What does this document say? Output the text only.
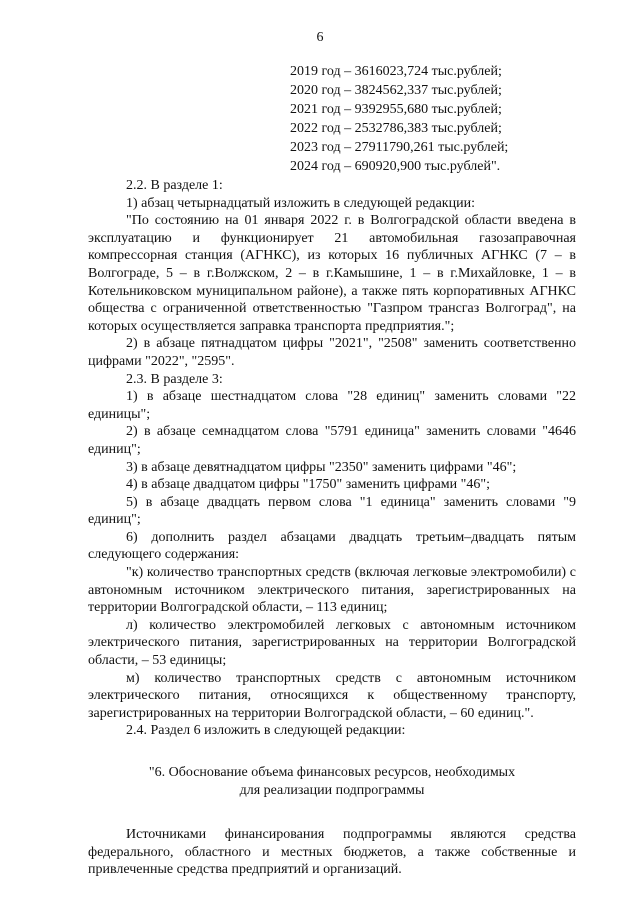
6
2019 год – 3616023,724 тыс.рублей;
2020 год – 3824562,337 тыс.рублей;
2021 год – 9392955,680 тыс.рублей;
2022 год – 2532786,383 тыс.рублей;
2023 год – 27911790,261 тыс.рублей;
2024 год – 690920,900 тыс.рублей".

2.2. В разделе 1:

1) абзац четырнадцатый изложить в следующей редакции:

"По состоянию на 01 января 2022 г. в Волгоградской области введена в эксплуатацию и функционирует 21 автомобильная газозаправочная компрессорная станция (АГНКС), из которых 16 публичных АГНКС (7 – в Волгограде, 5 – в г.Волжском, 2 – в г.Камышине, 1 – в г.Михайловке, 1 – в Котельниковском муниципальном районе), а также пять корпоративных АГНКС общества с ограниченной ответственностью "Газпром трансгаз Волгоград", на которых осуществляется заправка транспорта предприятия.";

2) в абзаце пятнадцатом цифры "2021", "2508" заменить соответственно цифрами "2022", "2595".

2.3. В разделе 3:

1) в абзаце шестнадцатом слова "28 единиц" заменить словами "22 единицы";

2) в абзаце семнадцатом слова "5791 единица" заменить словами "4646 единиц";

3) в абзаце девятнадцатом цифры "2350" заменить цифрами "46";

4) в абзаце двадцатом цифры "1750" заменить цифрами "46";

5) в абзаце двадцать первом слова "1 единица" заменить словами "9 единиц";

6) дополнить раздел абзацами двадцать третьим–двадцать пятым следующего содержания:

"к) количество транспортных средств (включая легковые электромобили) с автономным источником электрического питания, зарегистрированных на территории Волгоградской области, – 113 единиц;

л) количество электромобилей легковых с автономным источником электрического питания, зарегистрированных на территории Волгоградской области, – 53 единицы;

м) количество транспортных средств с автономным источником электрического питания, относящихся к общественному транспорту, зарегистрированных на территории Волгоградской области, – 60 единиц.".

2.4. Раздел 6 изложить в следующей редакции:

"6. Обоснование объема финансовых ресурсов, необходимых
для реализации подпрограммы

Источниками финансирования подпрограммы являются средства федерального, областного и местных бюджетов, а также собственные и привлеченные средства предприятий и организаций.
